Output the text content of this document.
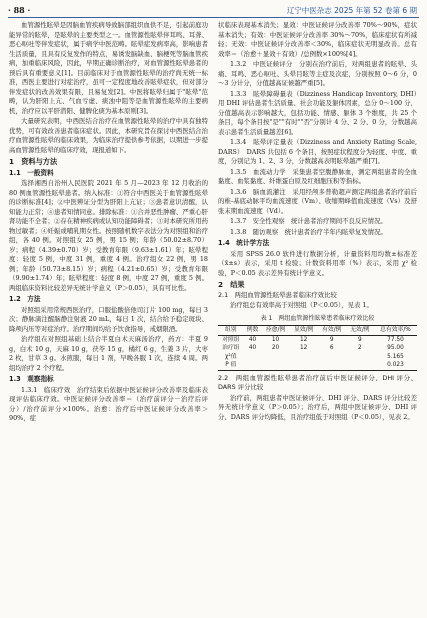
· 88 ·	辽宁中医杂志 2025 年第 52 卷第 6 期

血管源性眩晕是因脑血管疾病导致脑部组织血供不足，引起前庭功能异常的眩晕，是眩晕的主要类型之一。血管源性眩晕伴耳鸣、耳聋、恶心呕吐等伴发症状，属于病学中医范畴。眩晕症发病率高，影响患者生活质量，且具有反复发作的特点，易诱发脑缺血、脑梗死等脑血管疾病，加重临床风险，因此，早期正确诊断治疗，对血管源性眩晕患者的预后具有重要意义[1]。目前临床对于血管源性眩晕的治疗尚无统一标准，西医主要进行对症治疗，虽可一定程度地改善眩晕症状，但对部分伴发症状的改善效果有限，且易复发[2]。中医将眩晕归属于"眩晕"范畴，认为肝阳上亢、气血亏虚、痰浊中阻等是血管源性眩晕的主要病机，治疗应以平肝潜阳、健脾化痰为基本原则[3]。

大量研究表明，中西医结合治疗在血管源性眩晕的治疗中具有独特优势，可有效改善患者临床症状。因此，本研究旨在探讨中西医结合治疗血管源性眩晕的临床效果，为临床治疗提供参考依据，以期进一步提高血管源性眩晕的临床疗效，现报道如下。

1　资料与方法
1.1　一般资料

选择湘西自治州人民医院 2021 年 5 月—2023 年 12 月收治的 80 例血管源性眩晕患者。纳入标准：①符合中西医关于血管源性眩晕的诊断标准[4]；②中医辨证分型为肝阳上亢证；③患者意识清醒，认知能力正常；④患者知情同意。排除标准：①合并恶性肿瘤、严重心肝肾功能不全者；②存在精神疾病或认知功能障碍者；③对本研究所用药物过敏者；④妊娠或哺乳期女性。按照随机数字表法分为对照组和治疗组，各 40 例。对照组女 25 例，男 15 例；年龄（50.02±8.70）岁；病程（4.39±0.70）岁；受教育年限（9.63±1.61）年；眩晕程度：轻度 5 例，中度 31 例，重度 4 例。治疗组女 22 例，男 18 例；年龄（50.73±8.15）岁；病程（4.21±0.65）岁；受教育年限（9.90±1.74）年；眩晕程度：轻度 8 例，中度 27 例，重度 5 例。两组临床资料比较差异无统计学意义（P＞0.05），具有可比性。

1.2　方法

对照组采用常规西医治疗，口服盐酸倍他司汀片 100 mg，每日 3 次；静脉滴注醒脑静注射液 20 mL，每日 1 次，结合给予稳定斑块、降颅内压等对症治疗。治疗期间均给予饮食指导，戒烟限酒。

治疗组在对照组基础上结合半夏白术天麻汤治疗，药方：半夏 9 g，白术 10 g，天麻 10 g，茯苓 15 g，橘红 6 g，生姜 3 片，大枣 2 枚，甘草 3 g。水煎服，每日 1 剂，早晚各服 1 次，连续 4 周。两组均治疗 2 个疗程。

1.3　观察指标

1.3.1　临床疗效　治疗结束后依据中医证候评分改善率及临床表现评估临床疗效。中医证候评分改善率＝（治疗前评分－治疗后评分）/治疗前评分×100%。治愈：治疗后中医证候评分改善率＞90%，症

状临床表现基本消失；显效：中医证候评分改善率 70%～90%，症状基本消失；有效：中医证候评分改善率 30%～70%，临床症状有所减轻；无效：中医证候评分改善率＜30%，临床症状无明显改善。总有效率＝（治愈＋显效＋有效）/总例数×100%[4]。

1.3.2　中医证候评分　分别在治疗前后，对两组患者的眩晕、头痛、耳鸣、恶心呕吐、头晕目眩等主症及次症，分别按照 0～6 分，0～3 分计分，分值越高证候越严重[5]。

1.3.3　眩晕障碍量表（Dizziness Handicap Inventory, DHI）　用 DHI 评估患者生活质量、社会功能及躯体因素，总分 0～100 分，分值越高表示影响越大，包括功能、情感、躯体 3 个维度，共 25 个条目，每个条目按"是""有时""否"分别计 4 分、2 分、0 分，分数越高表示患者生活质量越差[6]。

1.3.4　眩晕评定量表（Dizziness and Anxiety Rating Scale, DARS）　DARS 共包括 6 个条目，按照症状程度分为轻度、中度、重度，分别记为 1、2、3 分，分数越高表明眩晕越严重[7]。

1.3.5　血流动力学　采集患者空腹静脉血，测定两组患者的全血黏度、血浆黏度、纤维蛋白原及红细胞压积等指标。

1.3.6　脑血流灌注　采用经颅多普勒超声测定两组患者治疗前后的椎-基底动脉平均血流速度（Vm）、收缩期峰值血流速度（Vs）及舒张末期血流速度（Vd）。

1.3.7　安全性观察　统计患者治疗期间不良反应情况。

1.3.8　随访观察　统计患者治疗半年内眩晕复发情况。

1.4　统计学方法

采用 SPSS 26.0 软件进行数据分析，计量资料用均数±标准差（x̄±s）表示，采用 t 检验；计数资料用率（%）表示，采用 χ² 检验，P＜0.05 表示差异有统计学意义。

2　结果
2.1　两组血管源性眩晕患者临床疗效比较

治疗组总有效率高于对照组（P＜0.05），见表 1。

表 1　两组血管源性眩晕患者临床疗效比较
组别	例数	痊愈/例	显效/例	有效/例	无效/例	总有效率/%
对照组	40	10	12	9	9	77.50
治疗组	40	20	12	6	2	95.00
χ²值						5.165
P 值						0.023
2.2　两组血管源性眩晕患者治疗前后中医证候评分、DHI 评分、DARS 评分比较

治疗前，两组患者中医证候评分、DHI 评分、DARS 评分比较差异无统计学意义（P＞0.05）；治疗后，两组中医证候评分、DHI 评分、DARS 评分均降低，且治疗组低于对照组（P＜0.05），见表 2。
